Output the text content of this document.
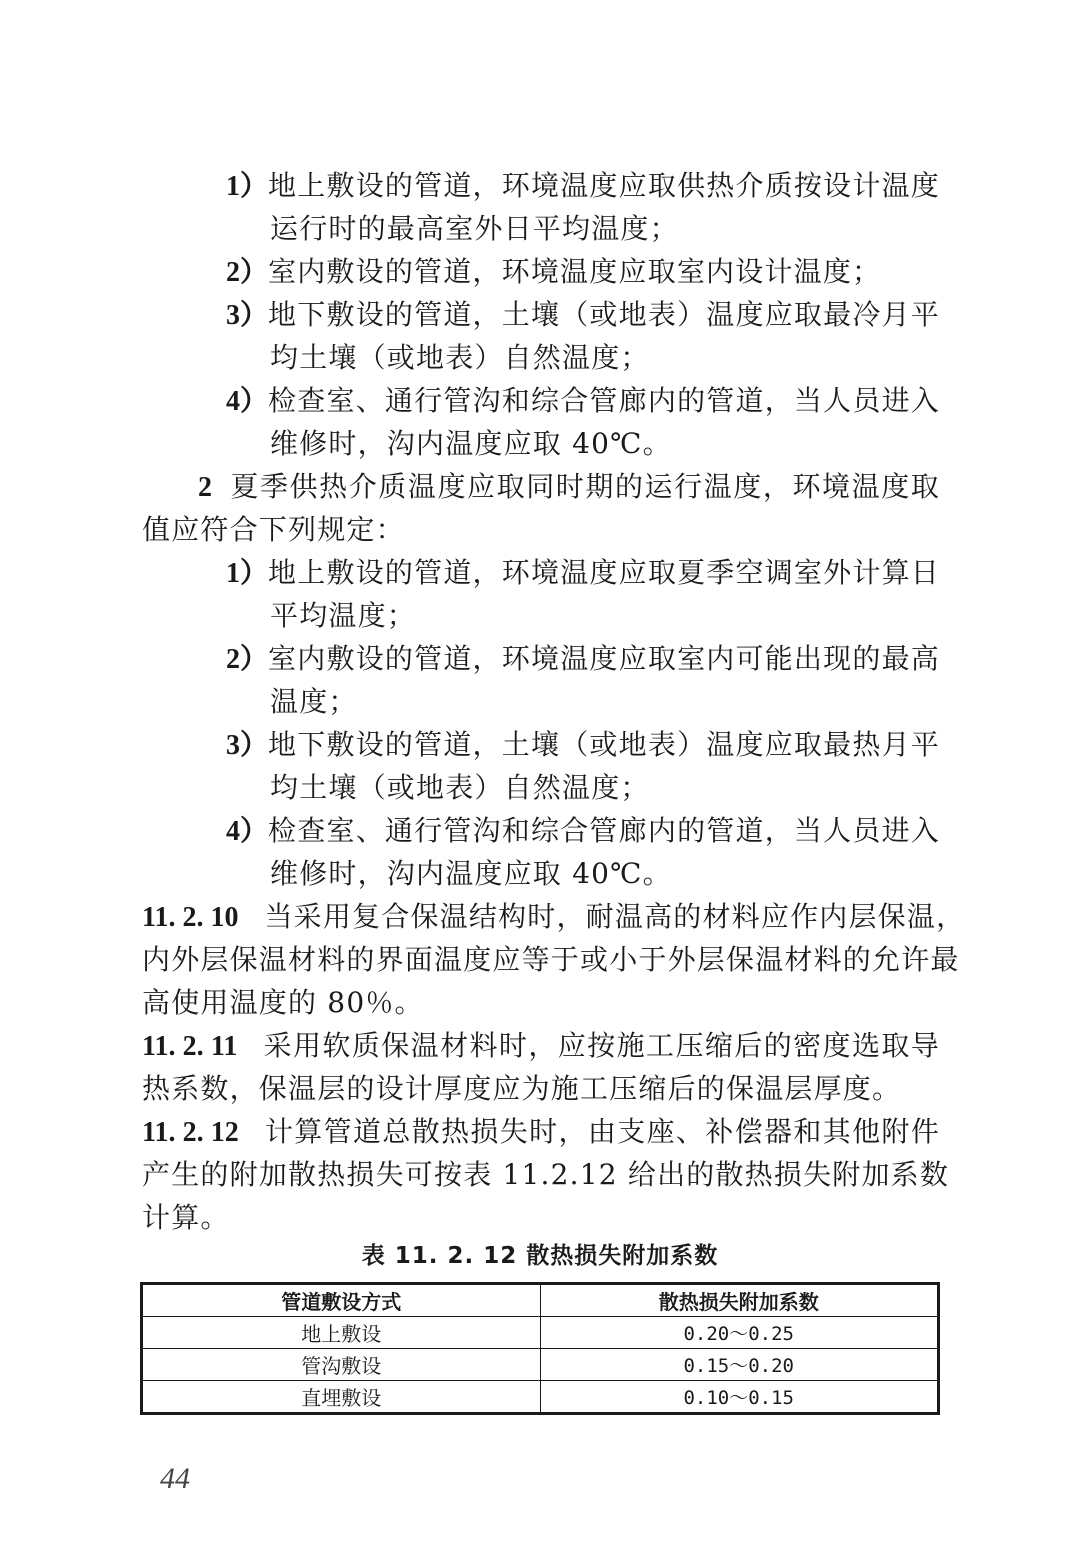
1）地上敷设的管道，环境温度应取供热介质按设计温度
运行时的最高室外日平均温度；
2）室内敷设的管道，环境温度应取室内设计温度；
3）地下敷设的管道，土壤（或地表）温度应取最冷月平
均土壤（或地表）自然温度；
4）检查室、通行管沟和综合管廊内的管道，当人员进入
维修时，沟内温度应取 40℃。
2 夏季供热介质温度应取同时期的运行温度，环境温度取
值应符合下列规定：
1）地上敷设的管道，环境温度应取夏季空调室外计算日
平均温度；
2）室内敷设的管道，环境温度应取室内可能出现的最高
温度；
3）地下敷设的管道，土壤（或地表）温度应取最热月平
均土壤（或地表）自然温度；
4）检查室、通行管沟和综合管廊内的管道，当人员进入
维修时，沟内温度应取 40℃。
11. 2. 10 当采用复合保温结构时，耐温高的材料应作内层保温，
内外层保温材料的界面温度应等于或小于外层保温材料的允许最
高使用温度的 80％。
11. 2. 11 采用软质保温材料时，应按施工压缩后的密度选取导
热系数，保温层的设计厚度应为施工压缩后的保温层厚度。
11. 2. 12 计算管道总散热损失时，由支座、补偿器和其他附件
产生的附加散热损失可按表 11.2.12 给出的散热损失附加系数
计算。
表 11. 2. 12 散热损失附加系数
管道敷设方式	散热损失附加系数
地上敷设	0.20～0.25
管沟敷设	0.15～0.20
直埋敷设	0.10～0.15
44
